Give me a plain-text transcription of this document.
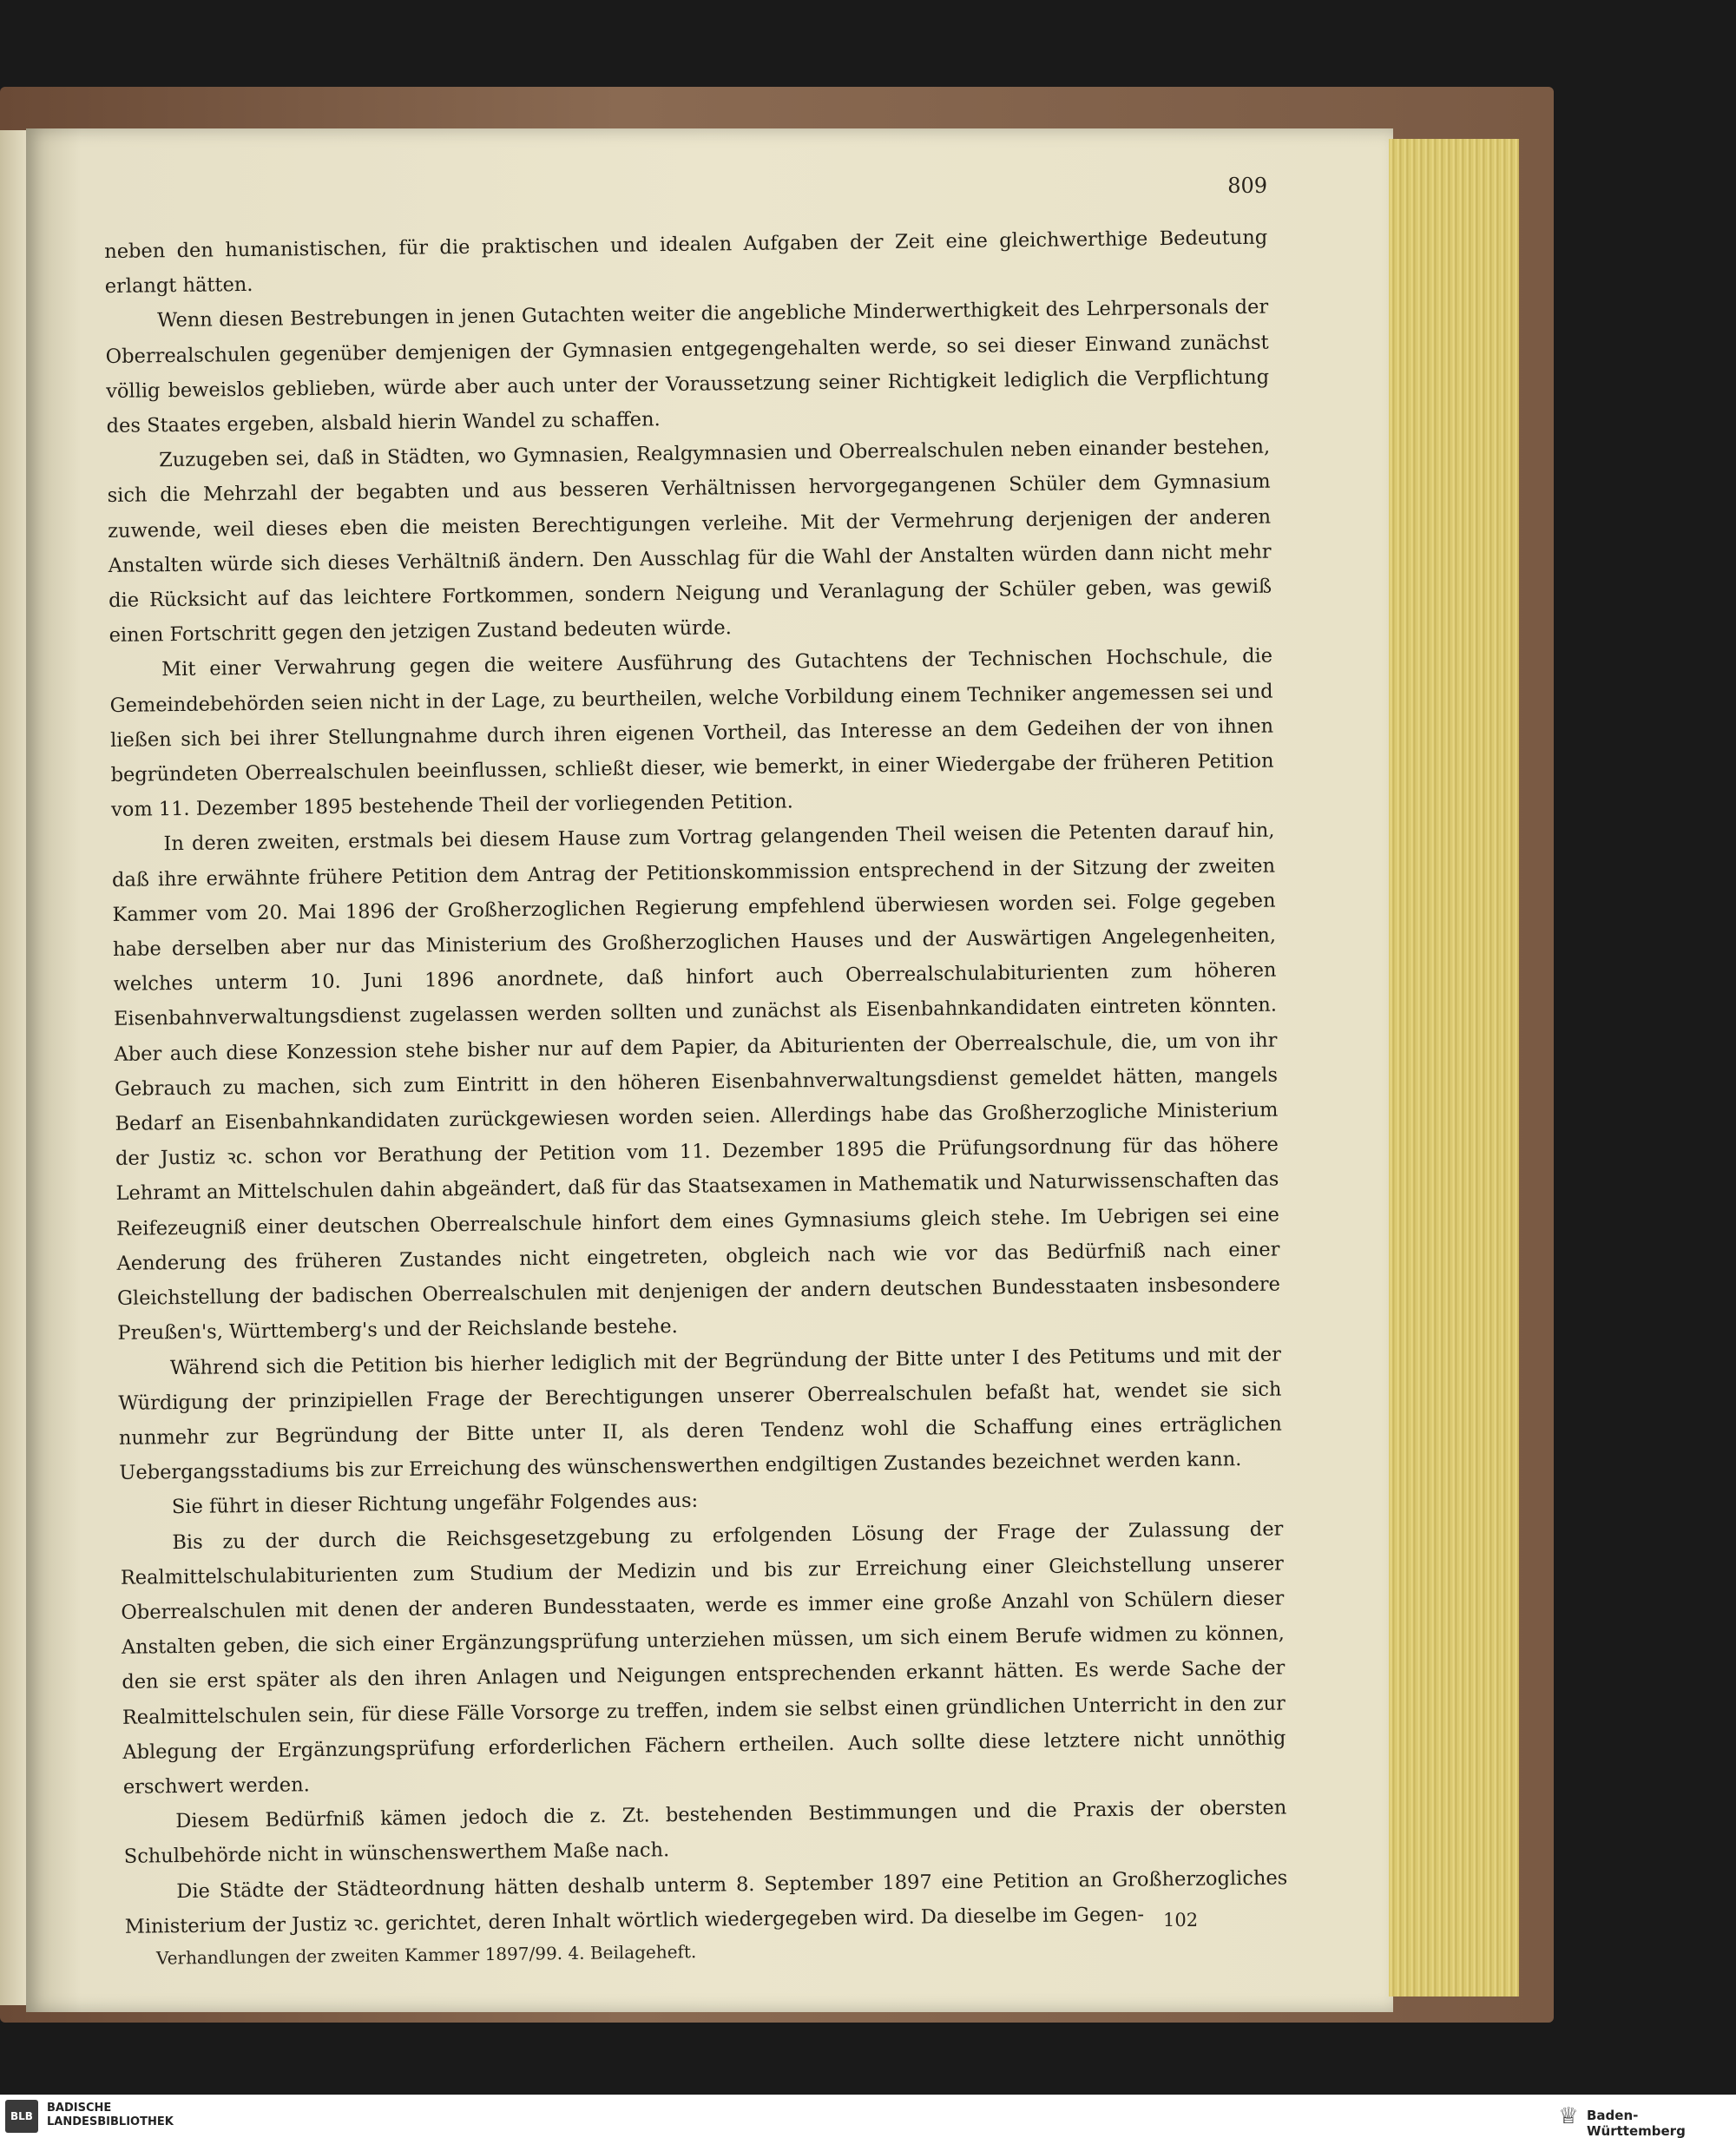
809

neben den humanistischen, für die praktischen und idealen Aufgaben der Zeit eine gleichwerthige Bedeutung erlangt hätten.

Wenn diesen Bestrebungen in jenen Gutachten weiter die angebliche Minderwerthigkeit des Lehrpersonals der Oberrealschulen gegenüber demjenigen der Gymnasien entgegengehalten werde, so sei dieser Einwand zunächst völlig beweislos geblieben, würde aber auch unter der Voraussetzung seiner Richtigkeit lediglich die Verpflichtung des Staates ergeben, alsbald hierin Wandel zu schaffen.

Zuzugeben sei, daß in Städten, wo Gymnasien, Realgymnasien und Oberrealschulen neben einander bestehen, sich die Mehrzahl der begabten und aus besseren Verhältnissen hervorgegangenen Schüler dem Gymnasium zuwende, weil dieses eben die meisten Berechtigungen verleihe. Mit der Vermehrung derjenigen der anderen Anstalten würde sich dieses Verhältniß ändern. Den Ausschlag für die Wahl der Anstalten würden dann nicht mehr die Rücksicht auf das leichtere Fortkommen, sondern Neigung und Veranlagung der Schüler geben, was gewiß einen Fortschritt gegen den jetzigen Zustand bedeuten würde.

Mit einer Verwahrung gegen die weitere Ausführung des Gutachtens der Technischen Hochschule, die Gemeindebehörden seien nicht in der Lage, zu beurtheilen, welche Vorbildung einem Techniker angemessen sei und ließen sich bei ihrer Stellungnahme durch ihren eigenen Vortheil, das Interesse an dem Gedeihen der von ihnen begründeten Oberrealschulen beeinflussen, schließt dieser, wie bemerkt, in einer Wiedergabe der früheren Petition vom 11. Dezember 1895 bestehende Theil der vorliegenden Petition.

In deren zweiten, erstmals bei diesem Hause zum Vortrag gelangenden Theil weisen die Petenten darauf hin, daß ihre erwähnte frühere Petition dem Antrag der Petitionskommission entsprechend in der Sitzung der zweiten Kammer vom 20. Mai 1896 der Großherzoglichen Regierung empfehlend überwiesen worden sei. Folge gegeben habe derselben aber nur das Ministerium des Großherzoglichen Hauses und der Auswärtigen Angelegenheiten, welches unterm 10. Juni 1896 anordnete, daß hinfort auch Oberrealschulabiturienten zum höheren Eisenbahnverwaltungsdienst zugelassen werden sollten und zunächst als Eisenbahnkandidaten eintreten könnten. Aber auch diese Konzession stehe bisher nur auf dem Papier, da Abiturienten der Oberrealschule, die, um von ihr Gebrauch zu machen, sich zum Eintritt in den höheren Eisenbahnverwaltungsdienst gemeldet hätten, mangels Bedarf an Eisenbahnkandidaten zurückgewiesen worden seien. Allerdings habe das Großherzogliche Ministerium der Justiz ꝛc. schon vor Berathung der Petition vom 11. Dezember 1895 die Prüfungsordnung für das höhere Lehramt an Mittelschulen dahin abgeändert, daß für das Staatsexamen in Mathematik und Naturwissenschaften das Reifezeugniß einer deutschen Oberrealschule hinfort dem eines Gymnasiums gleich stehe. Im Uebrigen sei eine Aenderung des früheren Zustandes nicht eingetreten, obgleich nach wie vor das Bedürfniß nach einer Gleichstellung der badischen Oberrealschulen mit denjenigen der andern deutschen Bundesstaaten insbesondere Preußen's, Württemberg's und der Reichslande bestehe.

Während sich die Petition bis hierher lediglich mit der Begründung der Bitte unter I des Petitums und mit der Würdigung der prinzipiellen Frage der Berechtigungen unserer Oberrealschulen befaßt hat, wendet sie sich nunmehr zur Begründung der Bitte unter II, als deren Tendenz wohl die Schaffung eines erträglichen Uebergangsstadiums bis zur Erreichung des wünschenswerthen endgiltigen Zustandes bezeichnet werden kann.

Sie führt in dieser Richtung ungefähr Folgendes aus:

Bis zu der durch die Reichsgesetzgebung zu erfolgenden Lösung der Frage der Zulassung der Realmittelschulabiturienten zum Studium der Medizin und bis zur Erreichung einer Gleichstellung unserer Oberrealschulen mit denen der anderen Bundesstaaten, werde es immer eine große Anzahl von Schülern dieser Anstalten geben, die sich einer Ergänzungsprüfung unterziehen müssen, um sich einem Berufe widmen zu können, den sie erst später als den ihren Anlagen und Neigungen entsprechenden erkannt hätten. Es werde Sache der Realmittelschulen sein, für diese Fälle Vorsorge zu treffen, indem sie selbst einen gründlichen Unterricht in den zur Ablegung der Ergänzungsprüfung erforderlichen Fächern ertheilen. Auch sollte diese letztere nicht unnöthig erschwert werden.

Diesem Bedürfniß kämen jedoch die z. Zt. bestehenden Bestimmungen und die Praxis der obersten Schulbehörde nicht in wünschenswerthem Maße nach.

Die Städte der Städteordnung hätten deshalb unterm 8. September 1897 eine Petition an Großherzogliches Ministerium der Justiz ꝛc. gerichtet, deren Inhalt wörtlich wiedergegeben wird. Da dieselbe im Gegen-	102
Verhandlungen der zweiten Kammer 1897/99. 4. Beilageheft.
BLB
BADISCHE
LANDESBIBLIOTHEK	♕ Baden-Württemberg
